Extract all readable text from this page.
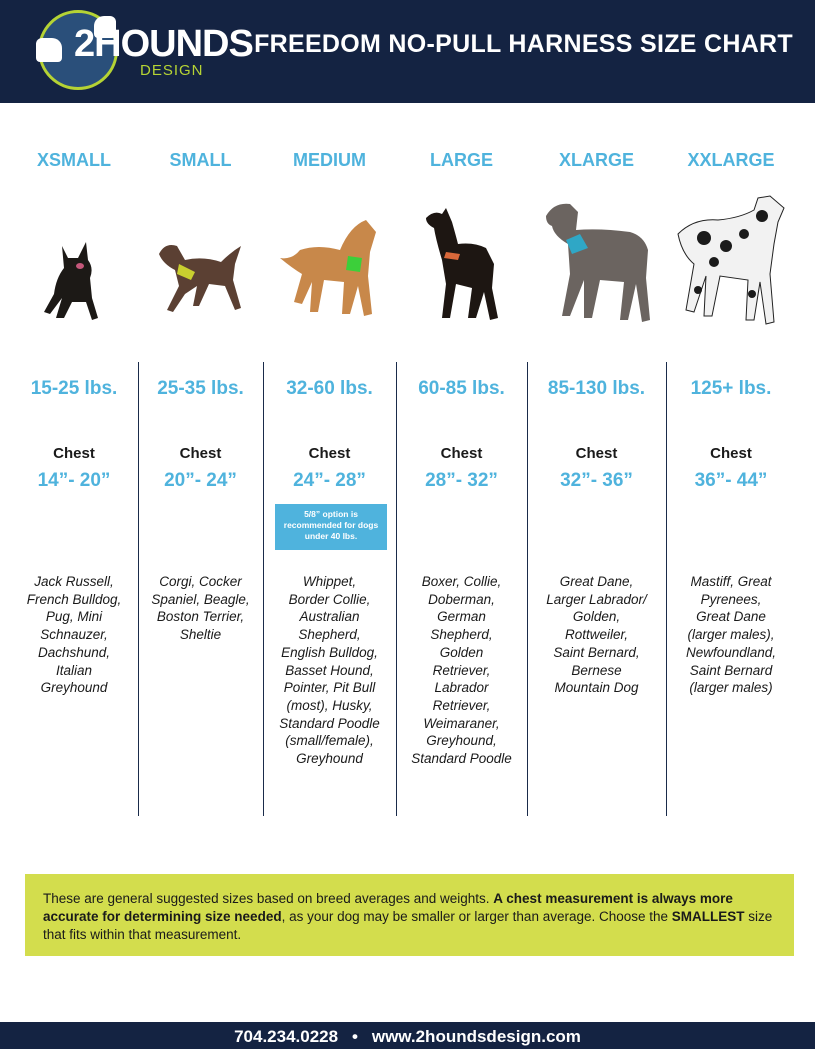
2HOUNDS
DESIGN
FREEDOM NO-PULL HARNESS SIZE CHART
XSMALL
15-25 lbs.
Chest
14”- 20”
Jack Russell,
French Bulldog,
Pug, Mini
Schnauzer,
Dachshund,
Italian
Greyhound
SMALL
25-35 lbs.
Chest
20”- 24”
Corgi, Cocker
Spaniel, Beagle,
Boston Terrier,
Sheltie
MEDIUM
32-60 lbs.
Chest
24”- 28”
Whippet,
Border Collie,
Australian
Shepherd,
English Bulldog,
Basset Hound,
Pointer, Pit Bull
(most), Husky,
Standard Poodle
(small/female),
Greyhound
5/8” option is recommended for dogs under 40 lbs.
LARGE
60-85 lbs.
Chest
28”- 32”
Boxer, Collie,
Doberman,
German
Shepherd,
Golden
Retriever,
Labrador
Retriever,
Weimaraner,
Greyhound,
Standard Poodle
XLARGE
85-130 lbs.
Chest
32”- 36”
Great Dane,
Larger Labrador/
Golden,
Rottweiler,
Saint Bernard,
Bernese
Mountain Dog
XXLARGE
125+ lbs.
Chest
36”- 44”
Mastiff, Great
Pyrenees,
Great Dane
(larger males),
Newfoundland,
Saint Bernard
(larger males)
These are general suggested sizes based on breed averages and weights. A chest measurement is always more accurate for determining size needed, as your dog may be smaller or larger than average. Choose the SMALLEST size that fits within that measurement.
704.234.0228 • www.2houndsdesign.com
